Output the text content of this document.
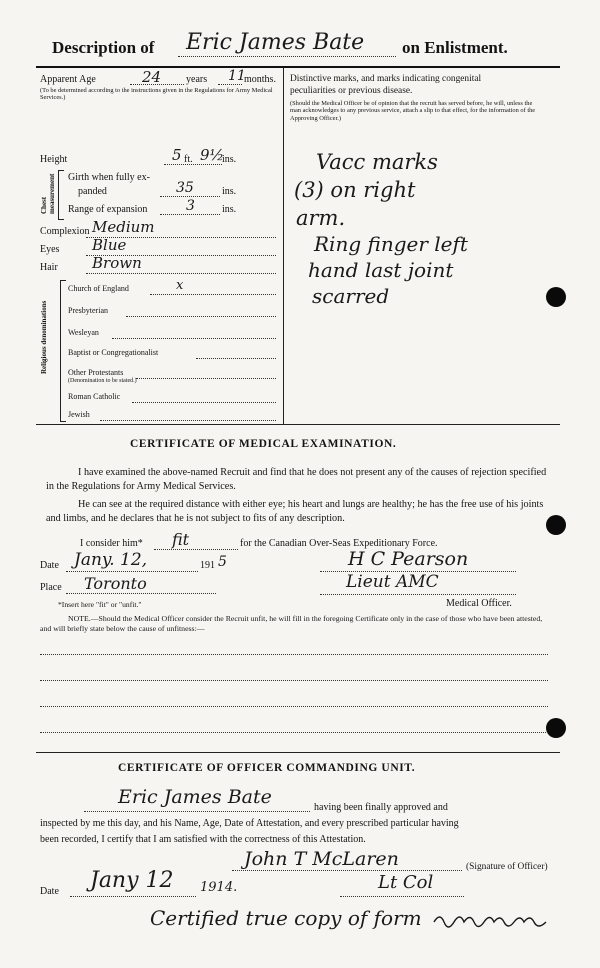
Description of Eric James Bate on Enlistment.
Apparent Age	24 years 11
months.
(To be determined according to the instructions given in the Regulations for Army Medical Services.)
Height	5 ft. 9½
ins.
Chest measurement Girth when fully ex-
panded	35	ins.
Range of expansion	3	ins.
Complexion Medium
Eyes Blue
Hair Brown
Religious denominations
Church of England	x
Presbyterian
Wesleyan
Baptist or Congregationalist
Other Protestants
(Denomination to be stated.)
Roman Catholic
Jewish
Distinctive marks, and marks indicating congenital
peculiarities or previous disease.
(Should the Medical Officer be of opinion that the recruit has served before, he will, unless the man acknowledges to any previous service, attach a slip to that effect, for the information of the Approving Officer.)
Vacc marks
(3) on right
arm.
Ring finger left
hand last joint
scarred
CERTIFICATE OF MEDICAL EXAMINATION.
I have examined the above-named Recruit and find that he does not present any of the causes of rejection specified in the Regulations for Army Medical Services.
He can see at the required distance with either eye; his heart and lungs are healthy; he has the free use of his joints and limbs, and he declares that he is not subject to fits of any description.
I consider him* fit	for the Canadian Over-Seas Expeditionary Force.
Date Jany. 12,	191 5	H C Pearson
Place Toronto	Lieut AMC
Medical Officer.
*Insert here "fit" or "unfit."
NOTE.—Should the Medical Officer consider the Recruit unfit, he will fill in the foregoing Certificate only in the case of those who have been attested, and will briefly state below the cause of unfitness:—
CERTIFICATE OF OFFICER COMMANDING UNIT.
Eric James Bate	having been finally approved and
inspected by me this day, and his Name, Age, Date of Attestation, and every prescribed particular having
been recorded, I certify that I am satisfied with the correctness of this Attestation.
John T McLaren	(Signature of Officer)
Lt Col
Date Jany 12 1914.
Certified true copy of form
